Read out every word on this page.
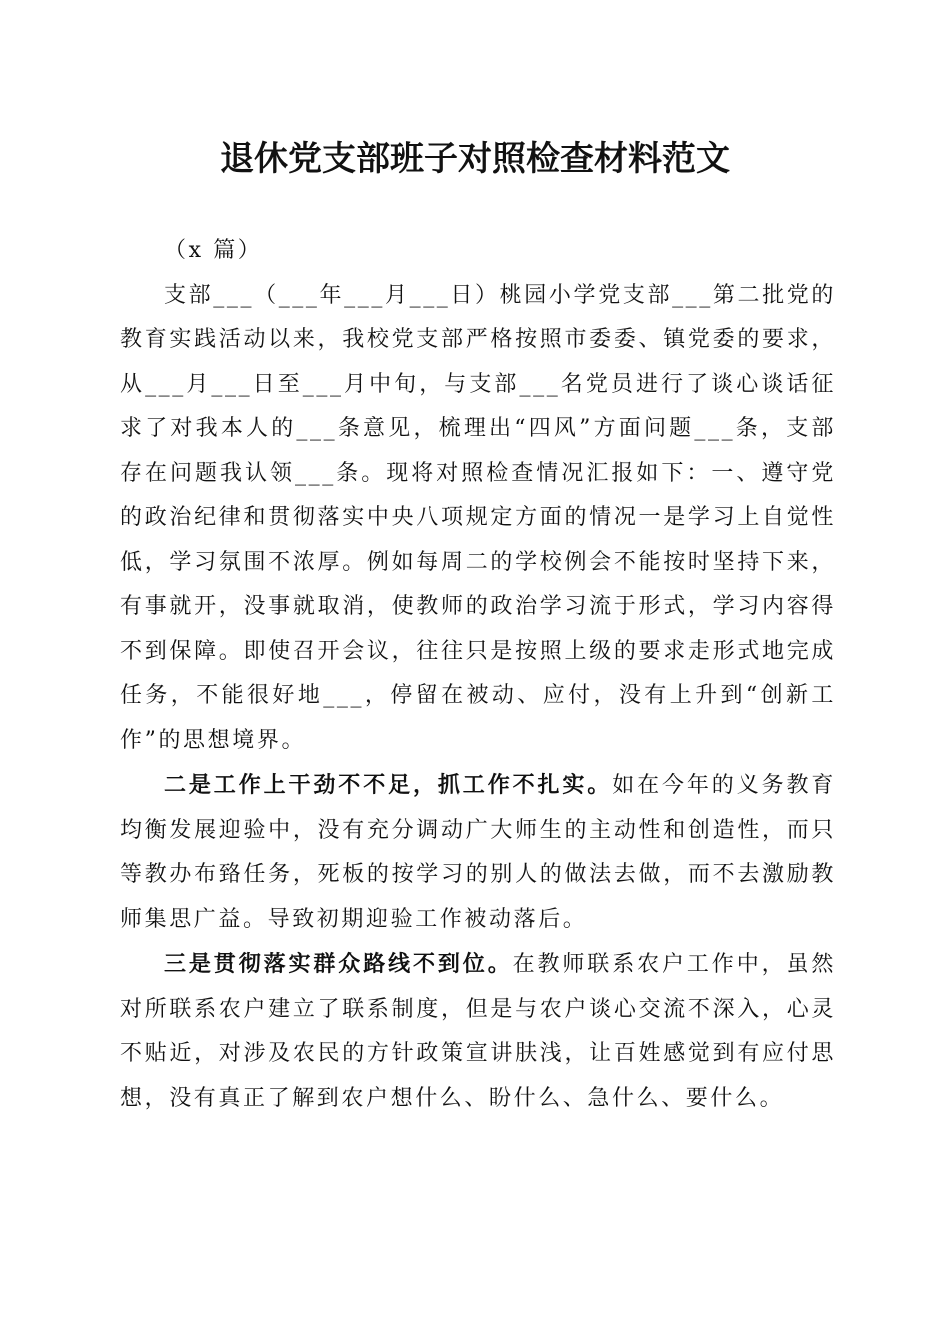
退休党支部班子对照检查材料范文

（x 篇）

支部___（___年___月___日）桃园小学党支部___第二批党的教育实践活动以来，我校党支部严格按照市委委、镇党委的要求，从___月___日至___月中旬，与支部___名党员进行了谈心谈话征求了对我本人的___条意见，梳理出“四风”方面问题___条，支部存在问题我认领___条。现将对照检查情况汇报如下：一、遵守党的政治纪律和贯彻落实中央八项规定方面的情况一是学习上自觉性低，学习氛围不浓厚。例如每周二的学校例会不能按时坚持下来，有事就开，没事就取消，使教师的政治学习流于形式，学习内容得不到保障。即使召开会议，往往只是按照上级的要求走形式地完成任务，不能很好地___，停留在被动、应付，没有上升到“创新工作”的思想境界。

二是工作上干劲不不足，抓工作不扎实。如在今年的义务教育均衡发展迎验中，没有充分调动广大师生的主动性和创造性，而只等教办布臵任务，死板的按学习的别人的做法去做，而不去激励教师集思广益。导致初期迎验工作被动落后。

三是贯彻落实群众路线不到位。在教师联系农户工作中，虽然对所联系农户建立了联系制度，但是与农户谈心交流不深入，心灵不贴近，对涉及农民的方针政策宣讲肤浅，让百姓感觉到有应付思想，没有真正了解到农户想什么、盼什么、急什么、要什么。
